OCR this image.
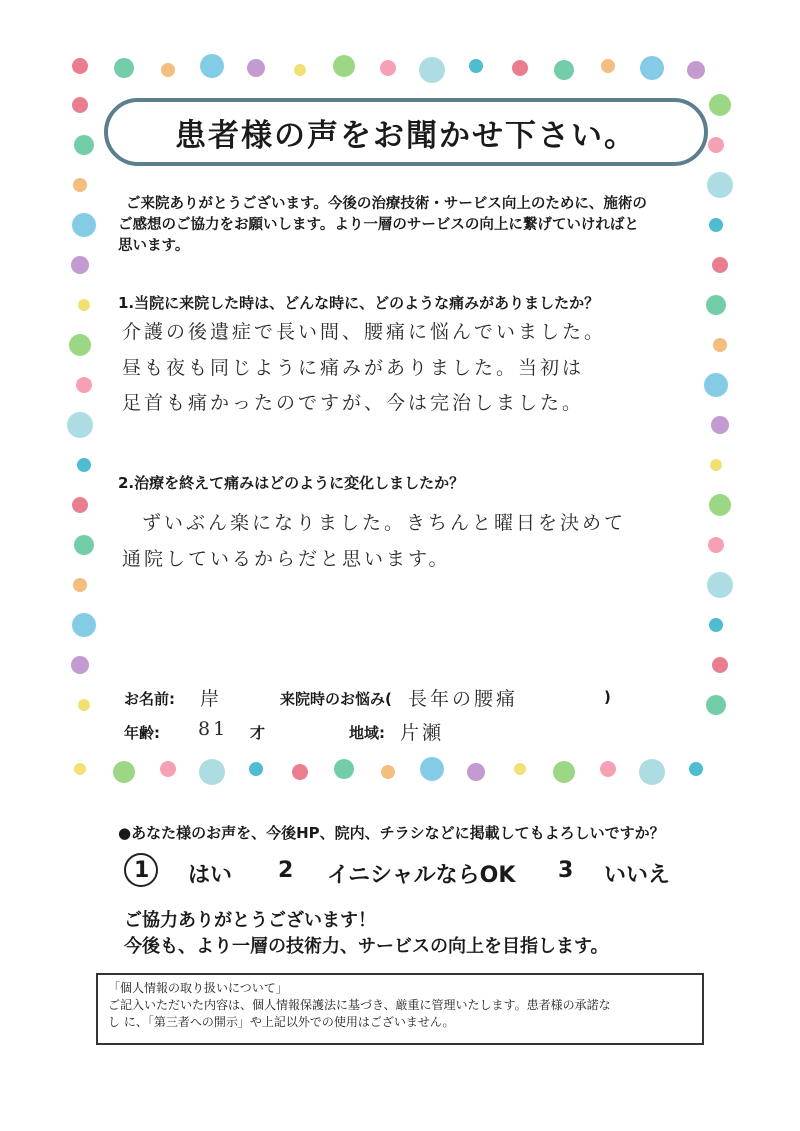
患者様の声をお聞かせ下さい。
ご来院ありがとうございます。今後の治療技術・サービス向上のために、施術の
ご感想のご協力をお願いします。より一層のサービスの向上に繋げていければと
思います。
1.当院に来院した時は、どんな時に、どのような痛みがありましたか？
介護の後遺症で長い間、腰痛に悩んでいました。
昼も夜も同じように痛みがありました。当初は
足首も痛かったのですが、今は完治しました。
2.治療を終えて痛みはどのように変化しましたか？
ずいぶん楽になりました。きちんと曜日を決めて
通院しているからだと思います。
お名前: 岸	来院時のお悩み( 長年の腰痛	)
年齢: 81 才	地域: 片瀬
●あなた様のお声を、今後HP、院内、チラシなどに掲載してもよろしいですか？
1 はい 2 イニシャルならOK 3 いいえ
ご協力ありがとうございます！
今後も、より一層の技術力、サービスの向上を目指します。
「個人情報の取り扱いについて」
ご記入いただいた内容は、個人情報保護法に基づき、厳重に管理いたします。患者様の承諾な
し に、「第三者への開示」や上記以外での使用はございません。
